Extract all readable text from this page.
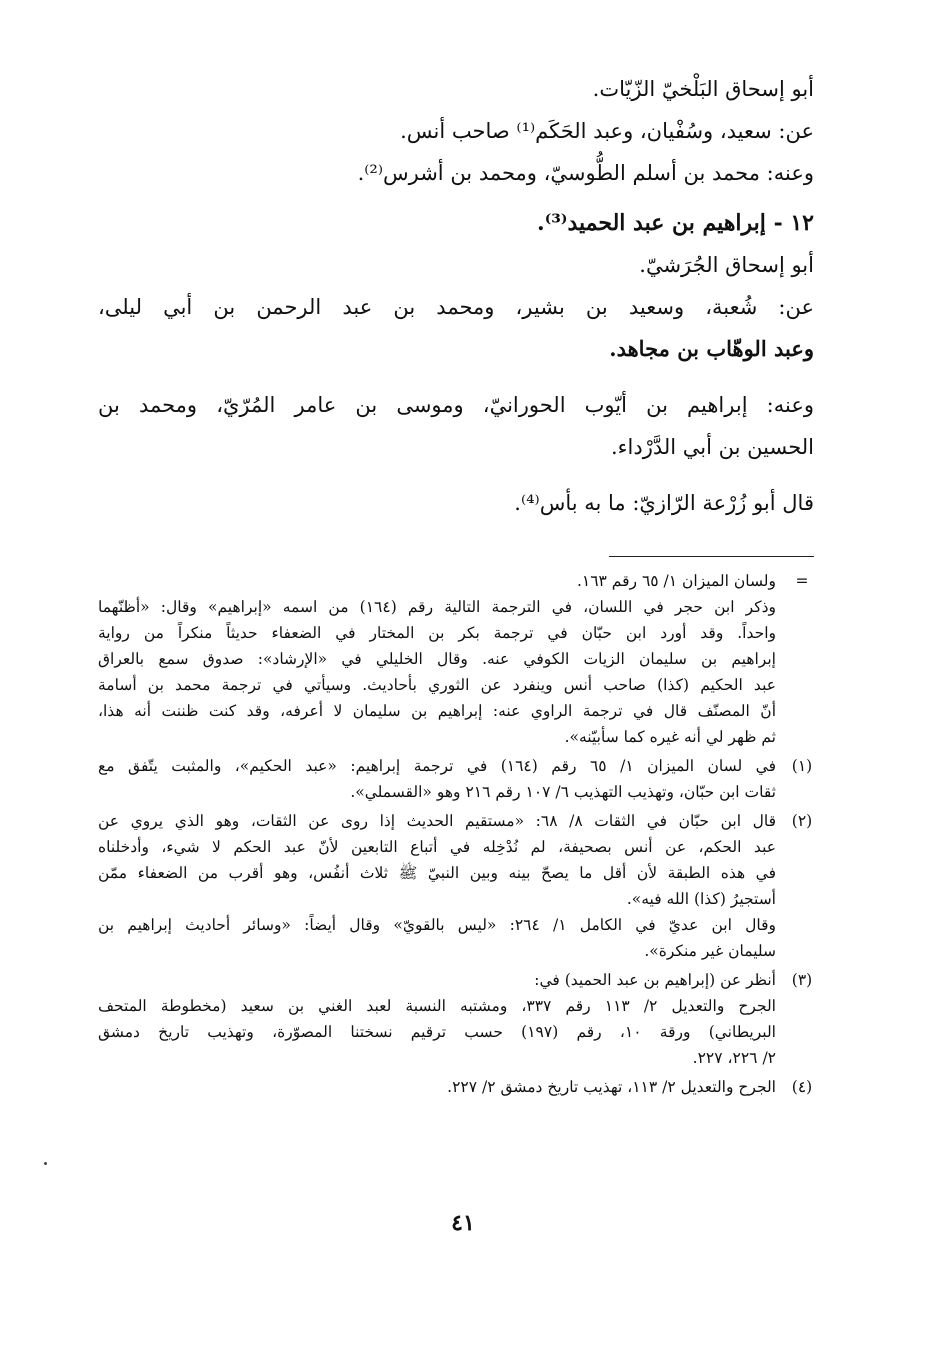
أبو إسحاق البَلْخيّ الزّيّات.

عن: سعيد، وسُفْيان، وعبد الحَكَم⁽¹⁾ صاحب أنس.

وعنه: محمد بن أسلم الطُّوسيّ، ومحمد بن أشرس⁽²⁾.

١٢ - إبراهيم بن عبد الحميد⁽³⁾.

أبو إسحاق الجُرَشيّ.

عن: شُعبة، وسعيد بن بشير، ومحمد بن عبد الرحمن بن أبي ليلى،

وعبد الوهّاب بن مجاهد.

وعنه: إبراهيم بن أيّوب الحورانيّ، وموسى بن عامر المُرّيّ، ومحمد بن

الحسين بن أبي الدَّرْداء.

قال أبو زُرْعة الرّازيّ: ما به بأس⁽⁴⁾.

=

ولسان الميزان ١/ ٦٥ رقم ١٦٣.

وذكر ابن حجر في اللسان، في الترجمة التالية رقم (١٦٤) من اسمه «إبراهيم» وقال: «أظنّهما

واحداً. وقد أورد ابن حبّان في ترجمة بكر بن المختار في الضعفاء حديثاً منكراً من رواية

إبراهيم بن سليمان الزيات الكوفي عنه. وقال الخليلي في «الإرشاد»: صدوق سمع بالعراق

عبد الحكيم (كذا) صاحب أنس وينفرد عن الثوري بأحاديث. وسيأتي في ترجمة محمد بن أسامة

أنّ المصنّف قال في ترجمة الراوي عنه: إبراهيم بن سليمان لا أعرفه، وقد كنت ظننت أنه هذا،

ثم ظهر لي أنه غيره كما سأبيّنه».

(١)

في لسان الميزان ١/ ٦٥ رقم (١٦٤) في ترجمة إبراهيم: «عبد الحكيم»، والمثبت يتّفق مع

ثقات ابن حبّان، وتهذيب التهذيب ٦/ ١٠٧ رقم ٢١٦ وهو «القسملي».

(٢)

قال ابن حبّان في الثقات ٨/ ٦٨: «مستقيم الحديث إذا روى عن الثقات، وهو الذي يروي عن

عبد الحكم، عن أنس بصحيفة، لم نُدْخِله في أتباع التابعين لأنّ عبد الحكم لا شيء، وأدخلناه

في هذه الطبقة لأن أقل ما يصحّ بينه وبين النبيّ ﷺ ثلاث أنفُس، وهو أقرب من الضعفاء ممّن

أستجيرُ (كذا) الله فيه».

وقال ابن عديّ في الكامل ١/ ٢٦٤: «ليس بالقويّ» وقال أيضاً: «وسائر أحاديث إبراهيم بن

سليمان غير منكرة».

(٣)

أنظر عن (إبراهيم بن عبد الحميد) في:

الجرح والتعديل ٢/ ١١٣ رقم ٣٣٧، ومشتبه النسبة لعبد الغني بن سعيد (مخطوطة المتحف

البريطاني) ورقة ١٠، رقم (١٩٧) حسب ترقيم نسختنا المصوّرة، وتهذيب تاريخ دمشق

٢/ ٢٢٦، ٢٢٧.

(٤)

الجرح والتعديل ٢/ ١١٣، تهذيب تاريخ دمشق ٢/ ٢٢٧.

٤١
